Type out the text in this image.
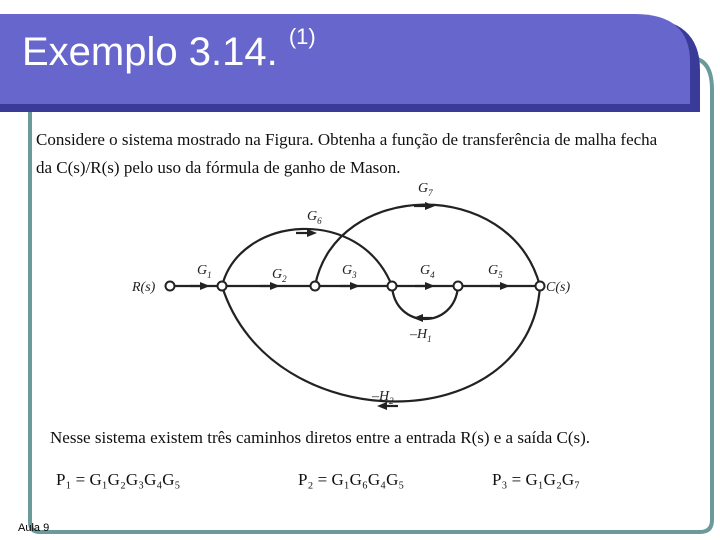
Exemplo 3.14. $^{(1)}$
Considere o sistema mostrado na Figura. Obtenha a função de transferência de malha fecha
da C(s)/R(s) pelo uso da fórmula de ganho de Mason.
R(s)	C(s)
$G_1$	$G_2$
$G_3$	$G_4$	$G_5$
$G_6$
$G_7$
$-H_1$
$-H_2$
Nesse sistema existem três caminhos diretos entre a entrada R(s) e a saída C(s).
P₁ = G₁G₂G₃G₄G₅	P₂ = G₁G₆G₄G₅	P₃ = G₁G₂G₇
Aula 9
